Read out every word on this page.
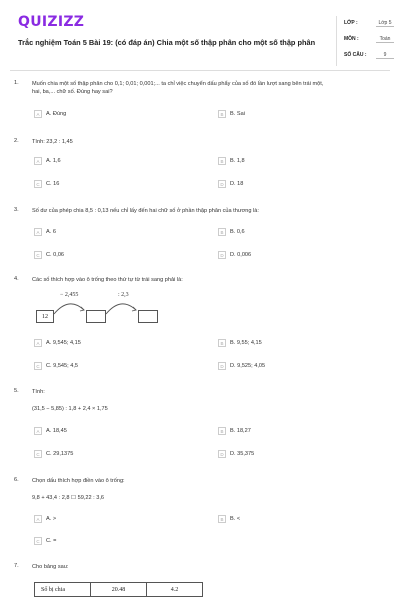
QUIZIZZ
Trắc nghiệm Toán 5 Bài 19: (có đáp án) Chia một số thập phân cho một số thập phân
LỚP :	Lớp 5
MÔN :	Toán
SỐ CÂU :	9
1.	Muốn chia một số thập phân cho 0,1; 0,01; 0,001;... ta chỉ việc chuyển dấu phẩy của số đó lần lượt sang bên trái một, hai, ba,... chữ số. Đúng hay sai?
A	A. Đúng	B	B. Sai
2.	Tính: 23,2 : 1,45
A	A. 1,6	B	B. 1,8
C	C. 16	D	D. 18
3.	Số dư của phép chia 8,5 : 0,13 nếu chỉ lấy đến hai chữ số ở phần thập phân của thương là:
A	A. 6	B	B. 0,6
C	C. 0,06	D	D. 0,006
4.	Các số thích hợp vào ô trống theo thứ tự từ trái sang phải là:
− 2,455	: 2,3
12
A	A. 9,545; 4,15	B	B. 9,55; 4,15
C	C. 9,545; 4,5	D	D. 9,525; 4,05
5.	Tính:
(31,5 − 5,85) : 1,8 + 2,4 × 1,75
A	A. 18,45	B	B. 18,27
C	C. 29,1375	D	D. 35,375
6.	Chọn dấu thích hợp điền vào ô trống:
9,8 + 43,4 : 2,8 ☐ 59,22 : 3,6
A	A. >	B	B. <
C	C. =
7.	Cho bảng sau:
Số bị chia	20.48	4.2
